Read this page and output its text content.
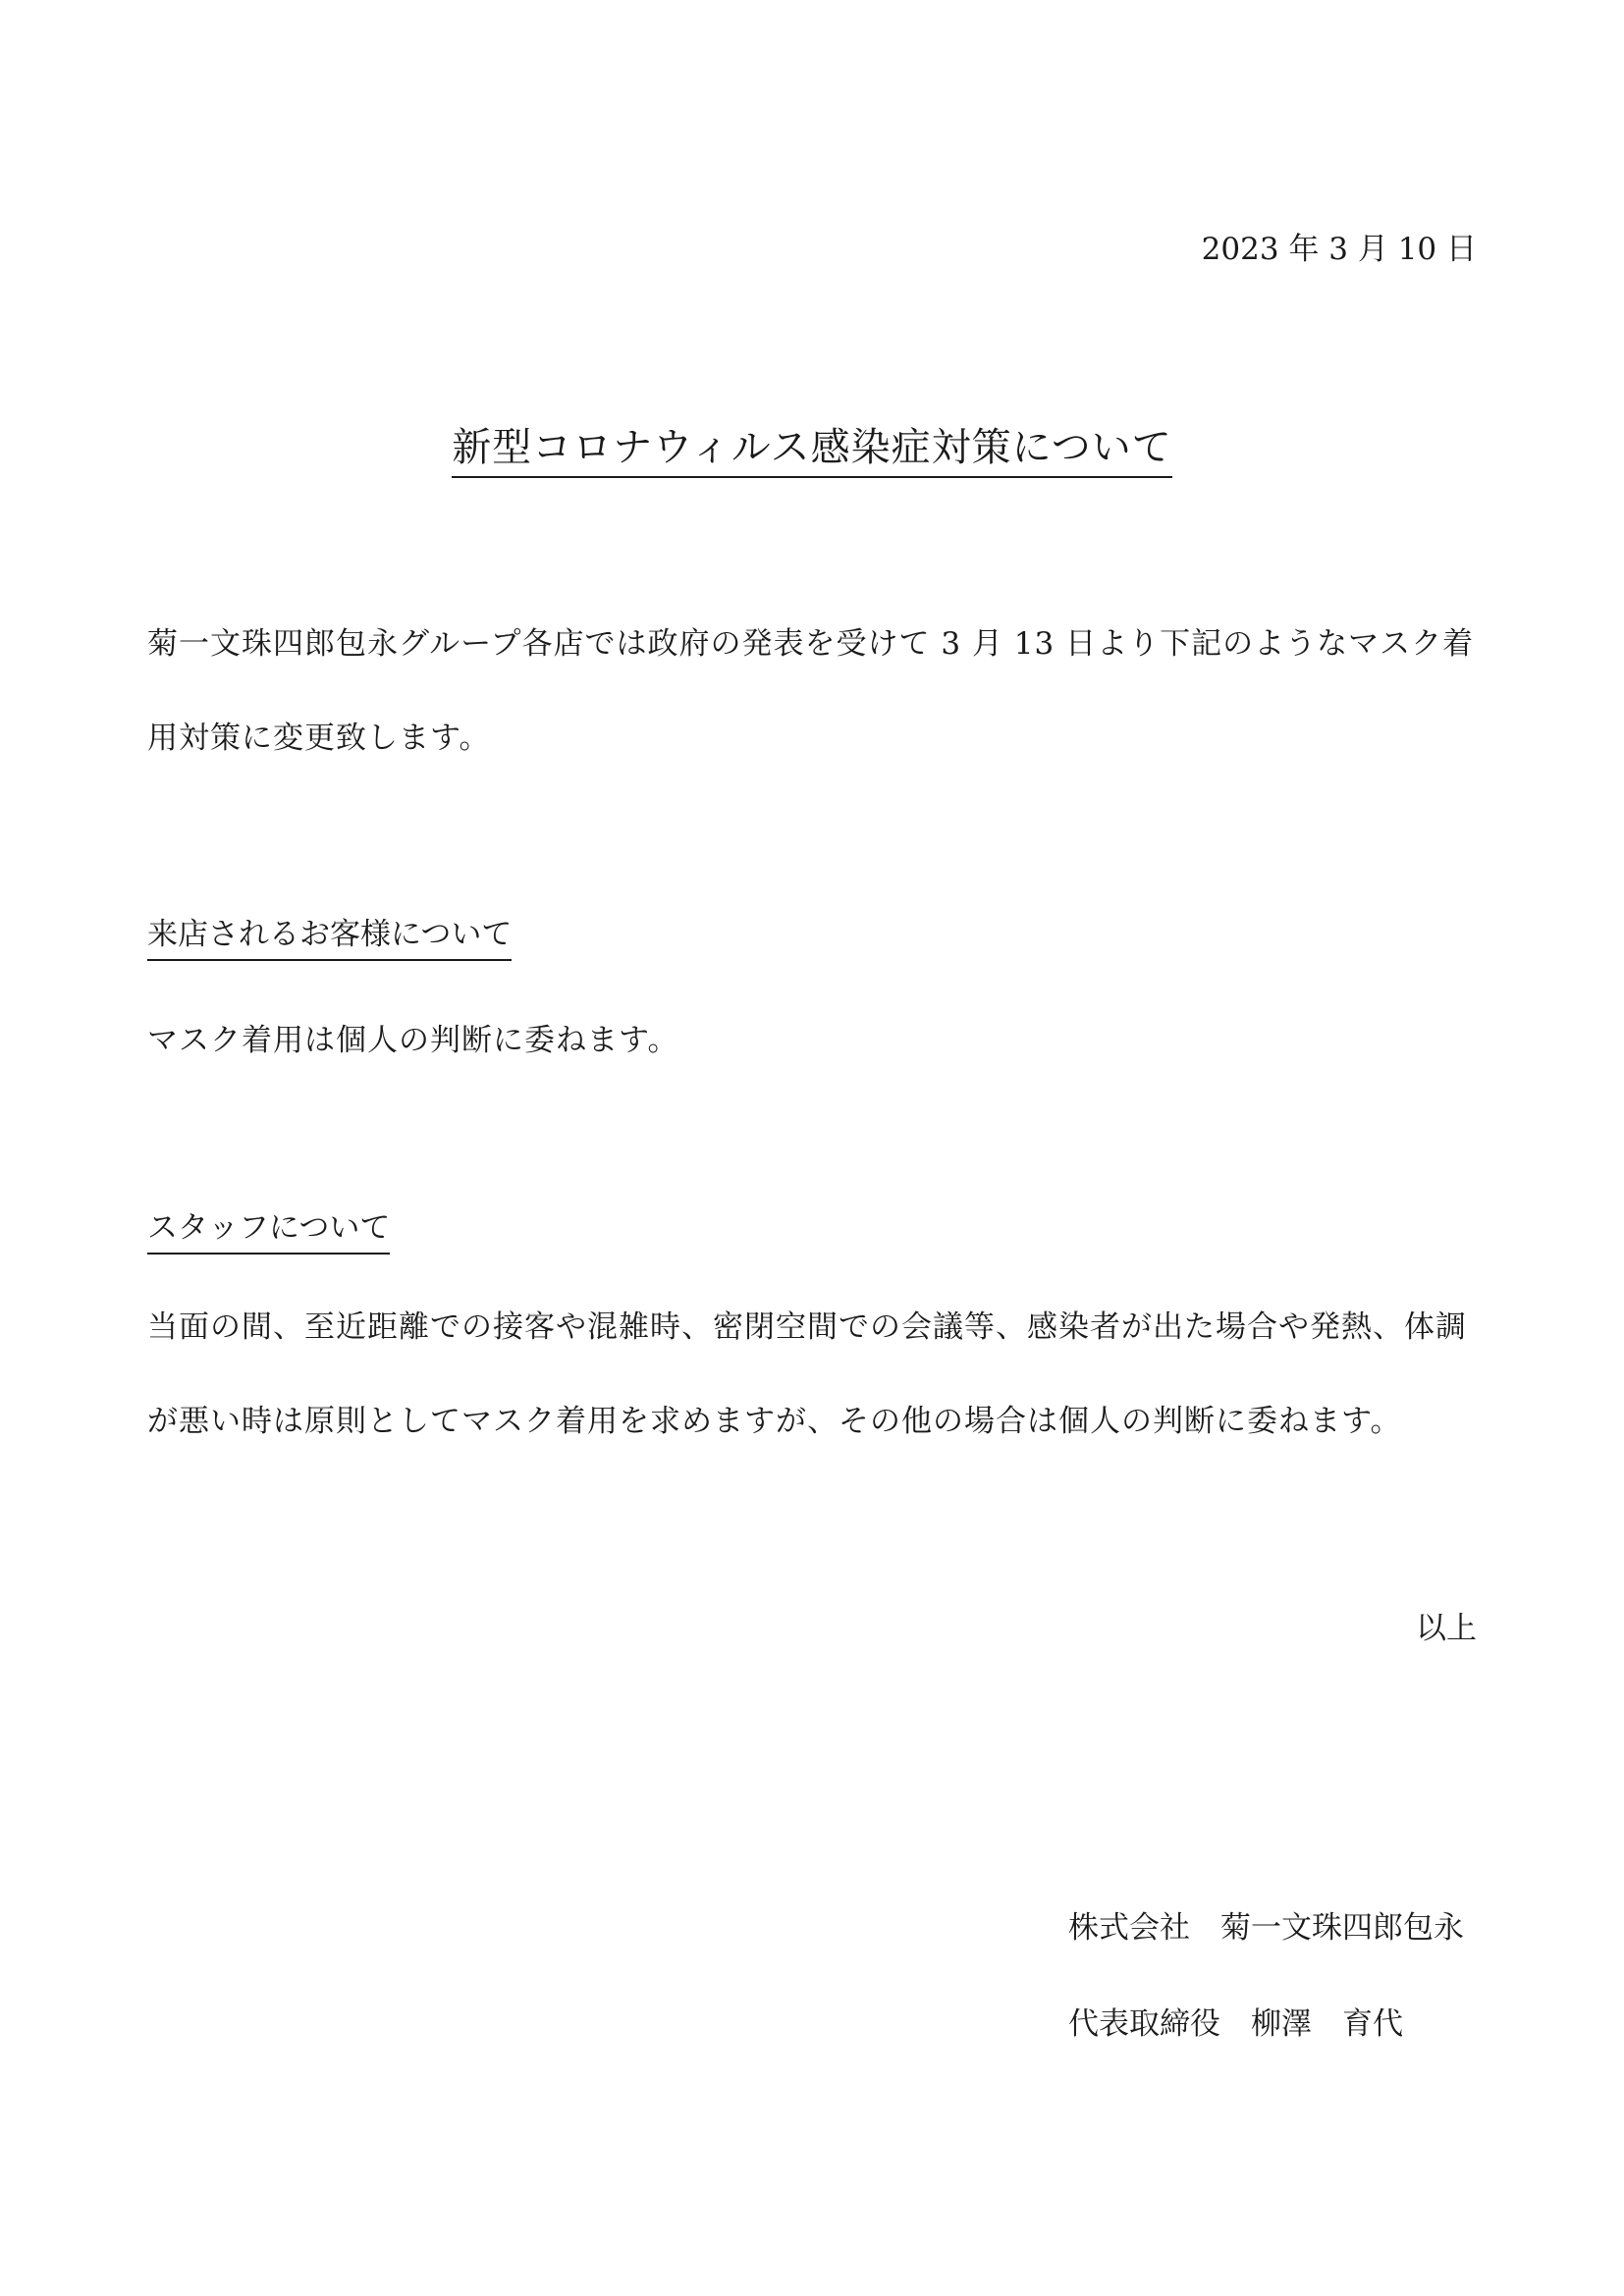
2023 年 3 月 10 日
新型コロナウィルス感染症対策について
菊一文珠四郎包永グループ各店では政府の発表を受けて 3 月 13 日より下記のようなマスク着用対策に変更致します。
来店されるお客様について
マスク着用は個人の判断に委ねます。
スタッフについて
当面の間、至近距離での接客や混雑時、密閉空間での会議等、感染者が出た場合や発熱、体調が悪い時は原則としてマスク着用を求めますが、その他の場合は個人の判断に委ねます。
以上
株式会社　菊一文珠四郎包永
代表取締役　柳澤　育代
